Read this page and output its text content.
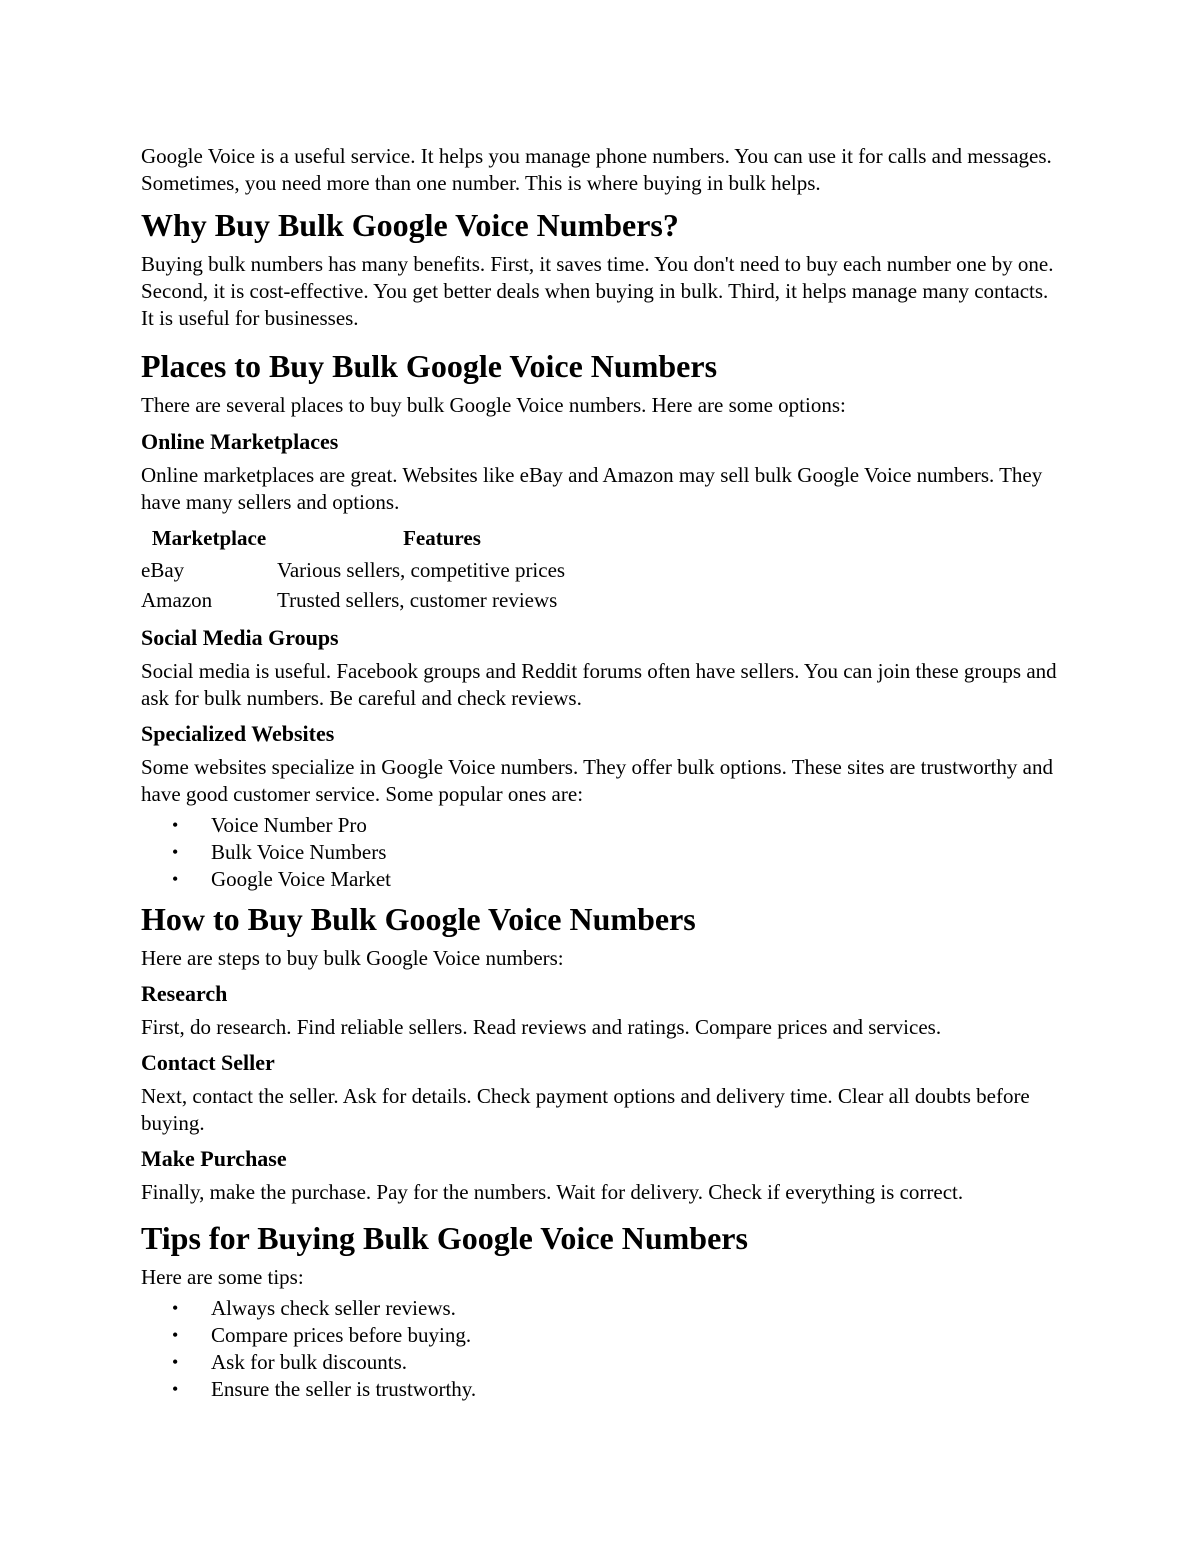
Google Voice is a useful service. It helps you manage phone numbers. You can use it for calls and messages. Sometimes, you need more than one number. This is where buying in bulk helps.

Why Buy Bulk Google Voice Numbers?

Buying bulk numbers has many benefits. First, it saves time. You don't need to buy each number one by one. Second, it is cost-effective. You get better deals when buying in bulk. Third, it helps manage many contacts. It is useful for businesses.

Places to Buy Bulk Google Voice Numbers

There are several places to buy bulk Google Voice numbers. Here are some options:

Online Marketplaces

Online marketplaces are great. Websites like eBay and Amazon may sell bulk Google Voice numbers. They have many sellers and options.

Marketplace	Features
eBay	Various sellers, competitive prices
Amazon	Trusted sellers, customer reviews
Social Media Groups

Social media is useful. Facebook groups and Reddit forums often have sellers. You can join these groups and ask for bulk numbers. Be careful and check reviews.

Specialized Websites

Some websites specialize in Google Voice numbers. They offer bulk options. These sites are trustworthy and have good customer service. Some popular ones are:

• Voice Number Pro
• Bulk Voice Numbers
• Google Voice Market
How to Buy Bulk Google Voice Numbers

Here are steps to buy bulk Google Voice numbers:

Research

First, do research. Find reliable sellers. Read reviews and ratings. Compare prices and services.

Contact Seller

Next, contact the seller. Ask for details. Check payment options and delivery time. Clear all doubts before buying.

Make Purchase

Finally, make the purchase. Pay for the numbers. Wait for delivery. Check if everything is correct.

Tips for Buying Bulk Google Voice Numbers

Here are some tips:

• Always check seller reviews.
• Compare prices before buying.
• Ask for bulk discounts.
• Ensure the seller is trustworthy.
